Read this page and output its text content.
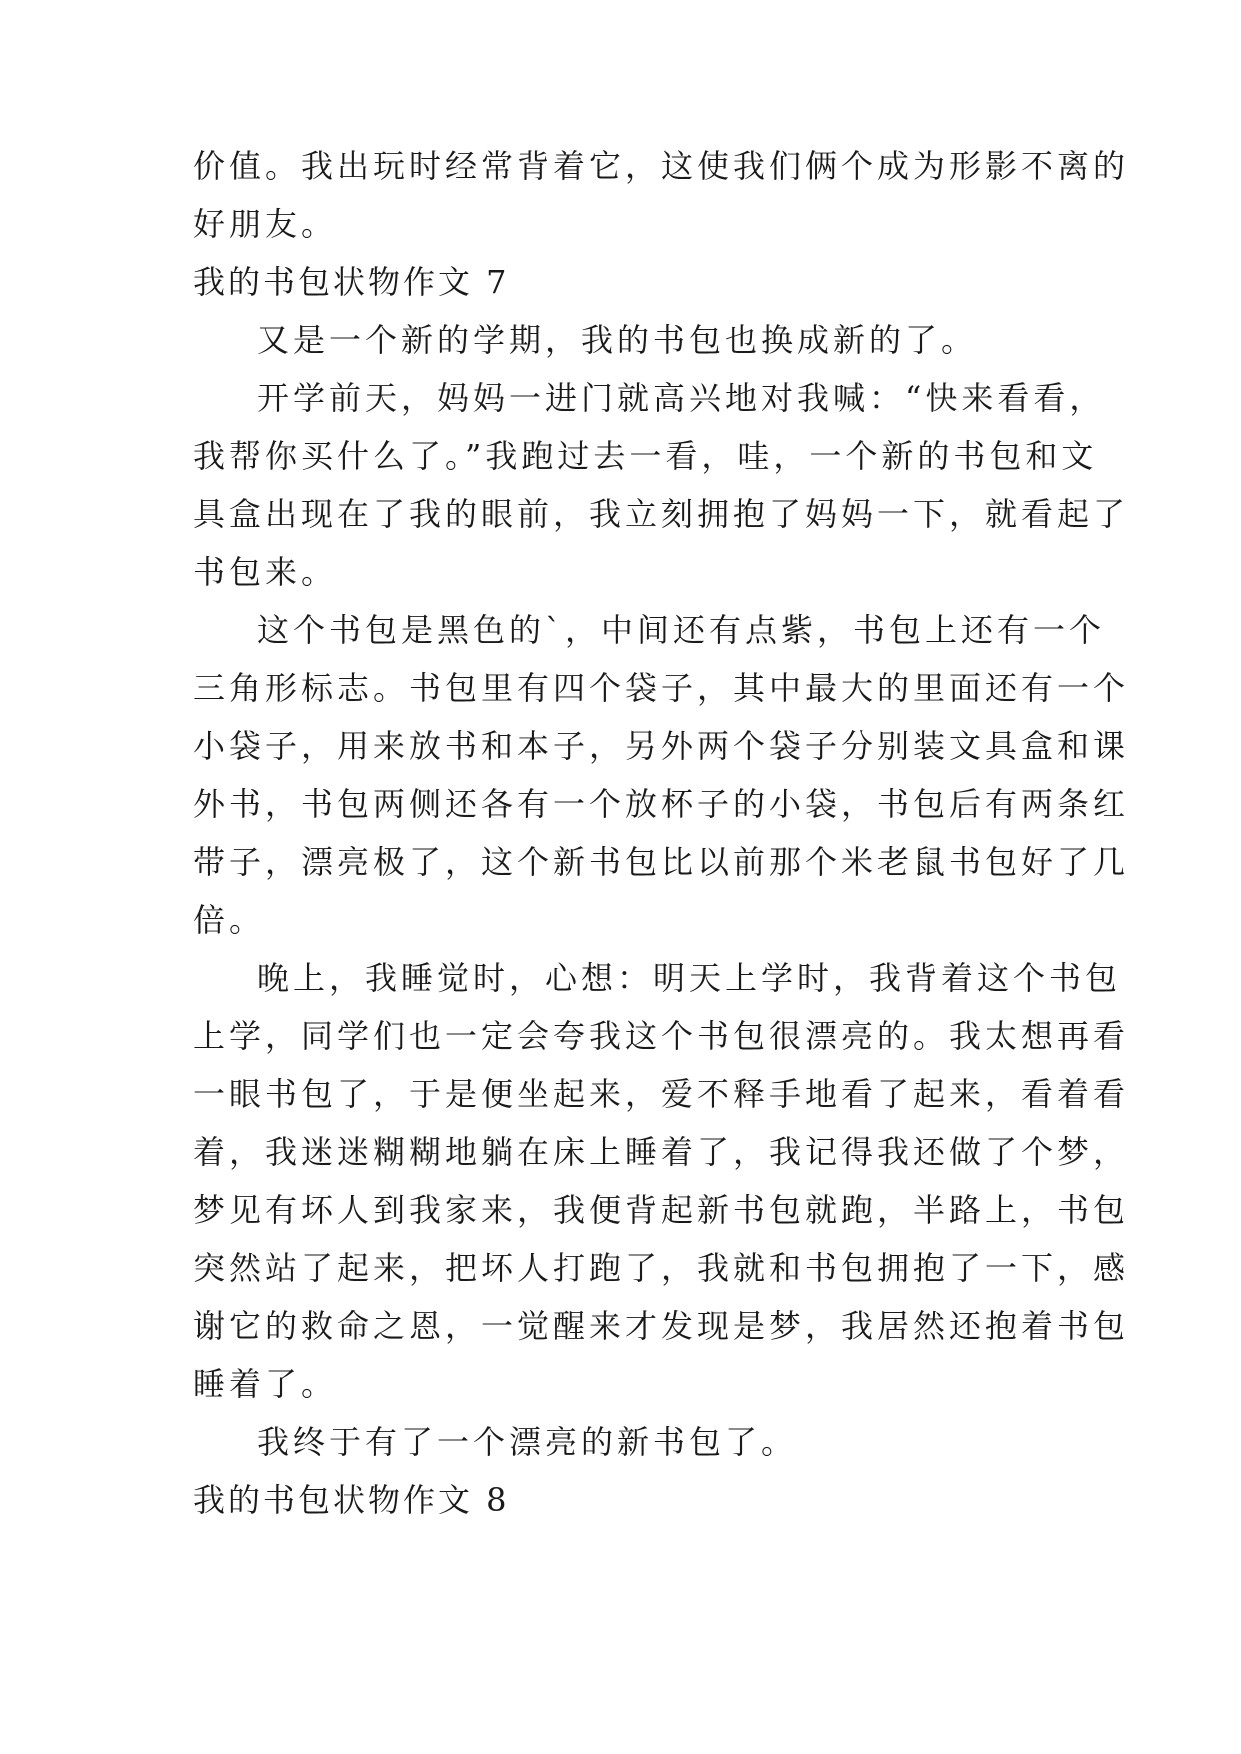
价值。我出玩时经常背着它，这使我们俩个成为形影不离的
好朋友。
我的书包状物作文 7
又是一个新的学期，我的书包也换成新的了。
开学前天，妈妈一进门就高兴地对我喊：“快来看看，
我帮你买什么了。”我跑过去一看，哇，一个新的书包和文
具盒出现在了我的眼前，我立刻拥抱了妈妈一下，就看起了
书包来。
这个书包是黑色的`，中间还有点紫，书包上还有一个
三角形标志。书包里有四个袋子，其中最大的里面还有一个
小袋子，用来放书和本子，另外两个袋子分别装文具盒和课
外书，书包两侧还各有一个放杯子的小袋，书包后有两条红
带子，漂亮极了，这个新书包比以前那个米老鼠书包好了几
倍。
晚上，我睡觉时，心想：明天上学时，我背着这个书包
上学，同学们也一定会夸我这个书包很漂亮的。我太想再看
一眼书包了，于是便坐起来，爱不释手地看了起来，看着看
着，我迷迷糊糊地躺在床上睡着了，我记得我还做了个梦，
梦见有坏人到我家来，我便背起新书包就跑，半路上，书包
突然站了起来，把坏人打跑了，我就和书包拥抱了一下，感
谢它的救命之恩，一觉醒来才发现是梦，我居然还抱着书包
睡着了。
我终于有了一个漂亮的新书包了。
我的书包状物作文 8
